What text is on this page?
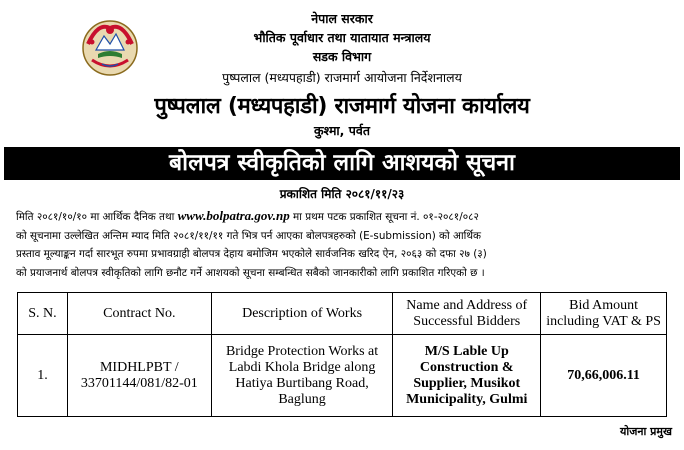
नेपाल सरकार
भौतिक पूर्वाधार तथा यातायात मन्त्रालय
सडक विभाग
पुष्पलाल (मध्यपहाडी) राजमार्ग आयोजना निर्देशनालय
पुष्पलाल (मध्यपहाडी) राजमार्ग योजना कार्यालय
कुश्मा, पर्वत
बोलपत्र स्वीकृतिको लागि आशयको सूचना
प्रकाशित मिति २०८१/११/२३
मिति २०८१/१०/१० मा आर्थिक दैनिक तथा www.bolpatra.gov.np मा प्रथम पटक प्रकाशित सूचना नं. ०१-२०८१/०८२
को सूचनामा उल्लेखित अन्तिम म्याद मिति २०८१/११/११ गते भित्र पर्न आएका बोलपत्रहरुको (E-submission) को आर्थिक
प्रस्ताव मूल्याङ्कन गर्दा सारभूत रुपमा प्रभावग्राही बोलपत्र देहाय बमोजिम भएकोले सार्वजनिक खरिद ऐन, २०६३ को दफा २७ (३)
को प्रयाजनार्थ बोलपत्र स्वीकृतिको लागि छनौट गर्ने आशयको सूचना सम्बन्धित सबैको जानकारीको लागि प्रकाशित गरिएको छ ।
S. N.	Contract No.	Description of Works	Name and Address of Successful Bidders	Bid Amount including VAT & PS
1.	MIDHLPBT / 33701144/081/82-01	Bridge Protection Works at Labdi Khola Bridge along Hatiya Burtibang Road, Baglung	M/S Lable Up Construction & Supplier, Musikot Municipality, Gulmi	70,66,006.11
योजना प्रमुख
